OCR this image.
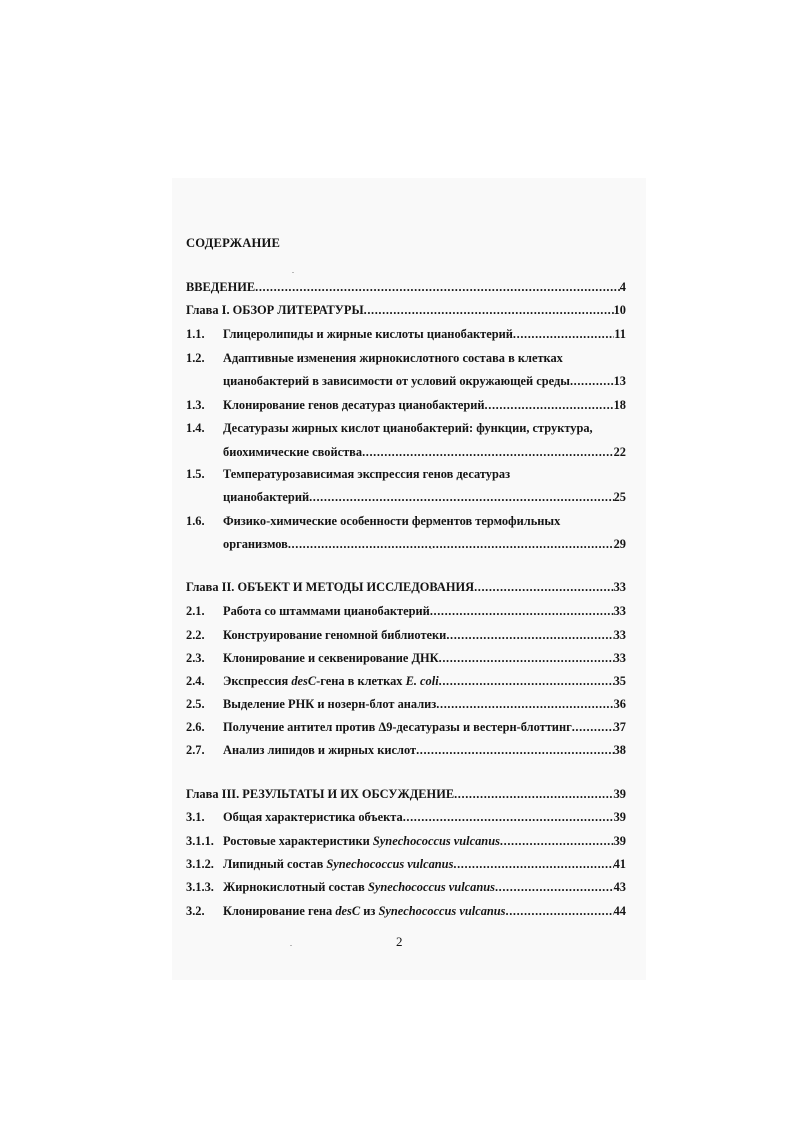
СОДЕРЖАНИЕ
ВВЕДЕНИЕ .....	4
Глава I. ОБЗОР ЛИТЕРАТУРЫ .....	10
1.1. Глицеролипиды и жирные кислоты цианобактерий .....	11
1.2. Адаптивные изменения жирнокислотного состава в клетках
цианобактерий в зависимости от условий окружающей среды .....	13
1.3. Клонирование генов десатураз цианобактерий .....	18
1.4. Десатуразы жирных кислот цианобактерий: функции, структура,
биохимические свойства .....	22
1.5. Температурозависимая экспрессия генов десатураз
цианобактерий .....	25
1.6. Физико-химические особенности ферментов термофильных
организмов .....	29
Глава II. ОБЪЕКТ И МЕТОДЫ ИССЛЕДОВАНИЯ .....	33
2.1. Работа со штаммами цианобактерий .....	33
2.2. Конструирование геномной библиотеки .....	33
2.3. Клонирование и секвенирование ДНК .....	33
2.4. Экспрессия desC-гена в клетках E. coli .....	35
2.5. Выделение РНК и нозерн-блот анализ .....	36
2.6. Получение антител против Δ9-десатуразы и вестерн-блоттинг .....	37
2.7. Анализ липидов и жирных кислот .....	38
Глава III. РЕЗУЛЬТАТЫ И ИХ ОБСУЖДЕНИЕ .....	39
3.1. Общая характеристика объекта .....	39
3.1.1. Ростовые характеристики Synechococcus vulcanus .....	39
3.1.2. Липидный состав Synechococcus vulcanus .....	41
3.1.3. Жирнокислотный состав Synechococcus vulcanus .....	43
3.2. Клонирование гена desC из Synechococcus vulcanus .....	44
2
